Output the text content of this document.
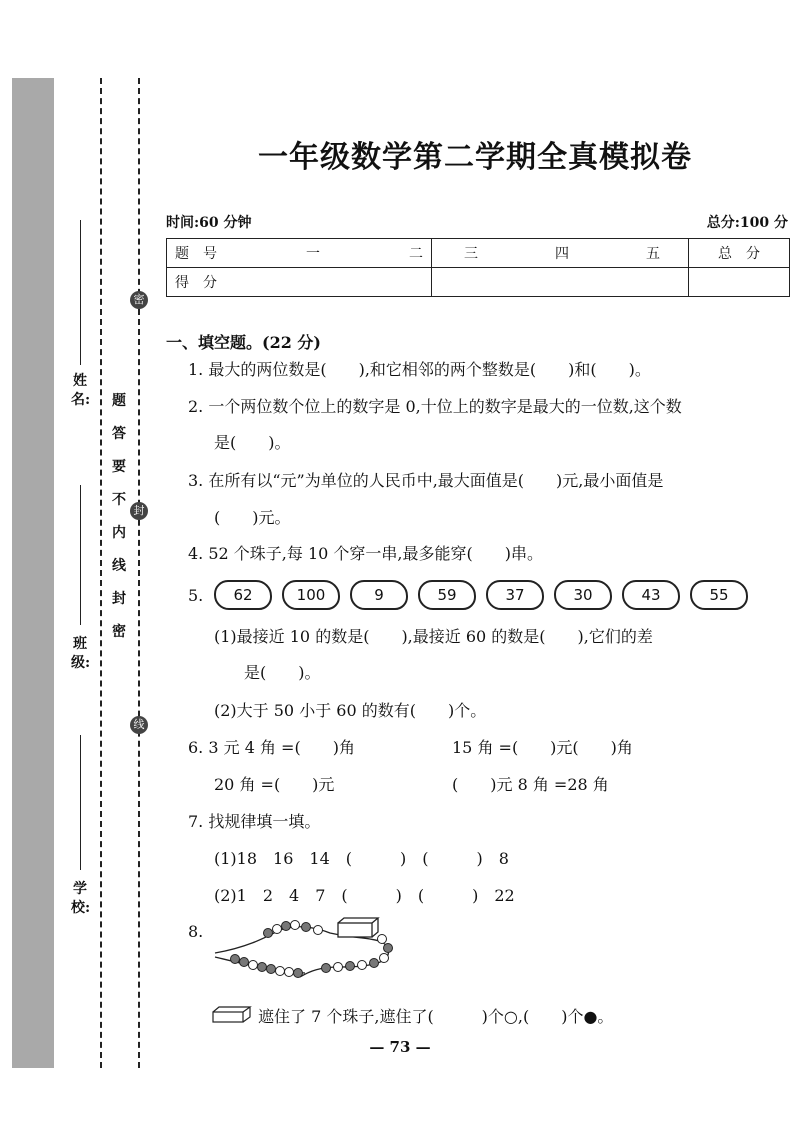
姓名:
班级:
学校:
题
答
要
不
内
线
封
密
密
封
线
一年级数学第二学期全真模拟卷
时间:60 分钟	总分:100 分
题　号 一 二	三 四 五	总　分
得　分		
一、填空题。(22 分)
1. 最大的两位数是(　　),和它相邻的两个整数是(　　)和(　　)。
2. 一个两位数个位上的数字是 0,十位上的数字是最大的一位数,这个数
是(　　)。
3. 在所有以“元”为单位的人民币中,最大面值是(　　)元,最小面值是
(　　)元。
4. 52 个珠子,每 10 个穿一串,最多能穿(　　)串。
5.	62	100	9	59	37	30	43	55
(1)最接近 10 的数是(　　),最接近 60 的数是(　　),它们的差
是(　　)。
(2)大于 50 小于 60 的数有(　　)个。
6. 3 元 4 角 =(　　)角	15 角 =(　　)元(　　)角
20 角 =(　　)元	(　　)元 8 角 =28 角
7. 找规律填一填。
(1)18　16　14　(　　　)　(　　　)　8
(2)1　2　4　7　(　　　)　(　　　)　22
8.
遮住了 7 个珠子,遮住了(　　　)个○,(　　)个●。
— 73 —
